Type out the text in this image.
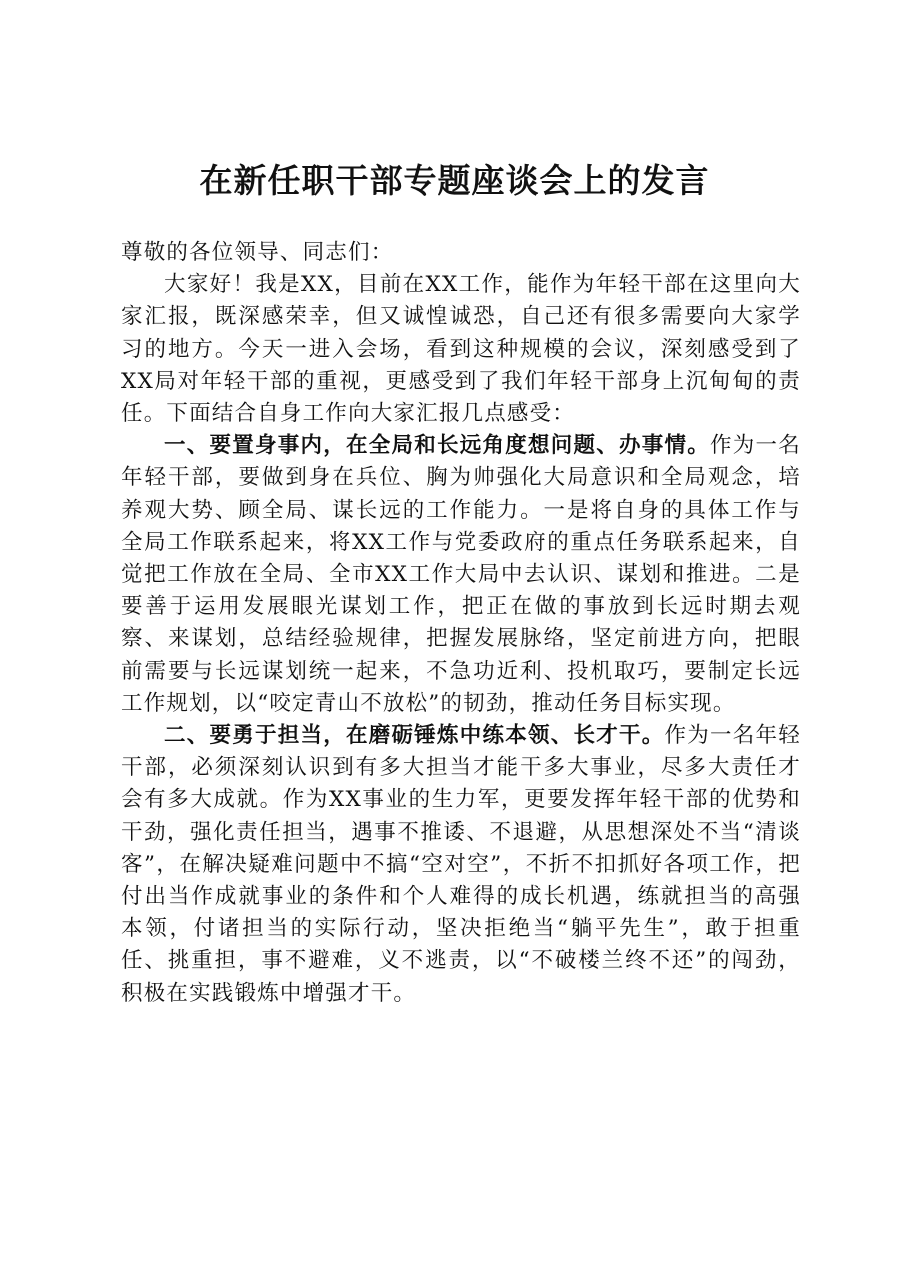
在新任职干部专题座谈会上的发言

尊敬的各位领导、同志们：

大家好！我是XX，目前在XX工作，能作为年轻干部在这里向大家汇报，既深感荣幸，但又诚惶诚恐，自己还有很多需要向大家学习的地方。今天一进入会场，看到这种规模的会议，深刻感受到了XX局对年轻干部的重视，更感受到了我们年轻干部身上沉甸甸的责任。下面结合自身工作向大家汇报几点感受：

一、要置身事内，在全局和长远角度想问题、办事情。作为一名年轻干部，要做到身在兵位、胸为帅强化大局意识和全局观念，培养观大势、顾全局、谋长远的工作能力。一是将自身的具体工作与全局工作联系起来，将XX工作与党委政府的重点任务联系起来，自觉把工作放在全局、全市XX工作大局中去认识、谋划和推进。二是要善于运用发展眼光谋划工作，把正在做的事放到长远时期去观察、来谋划，总结经验规律，把握发展脉络，坚定前进方向，把眼前需要与长远谋划统一起来，不急功近利、投机取巧，要制定长远工作规划，以“咬定青山不放松”的韧劲，推动任务目标实现。

二、要勇于担当，在磨砺锤炼中练本领、长才干。作为一名年轻干部，必须深刻认识到有多大担当才能干多大事业，尽多大责任才会有多大成就。作为XX事业的生力军，更要发挥年轻干部的优势和干劲，强化责任担当，遇事不推诿、不退避，从思想深处不当“清谈客”，在解决疑难问题中不搞“空对空”，不折不扣抓好各项工作，把付出当作成就事业的条件和个人难得的成长机遇，练就担当的高强本领，付诸担当的实际行动，坚决拒绝当“躺平先生”，敢于担重任、挑重担，事不避难，义不逃责，以“不破楼兰终不还”的闯劲，积极在实践锻炼中增强才干。
